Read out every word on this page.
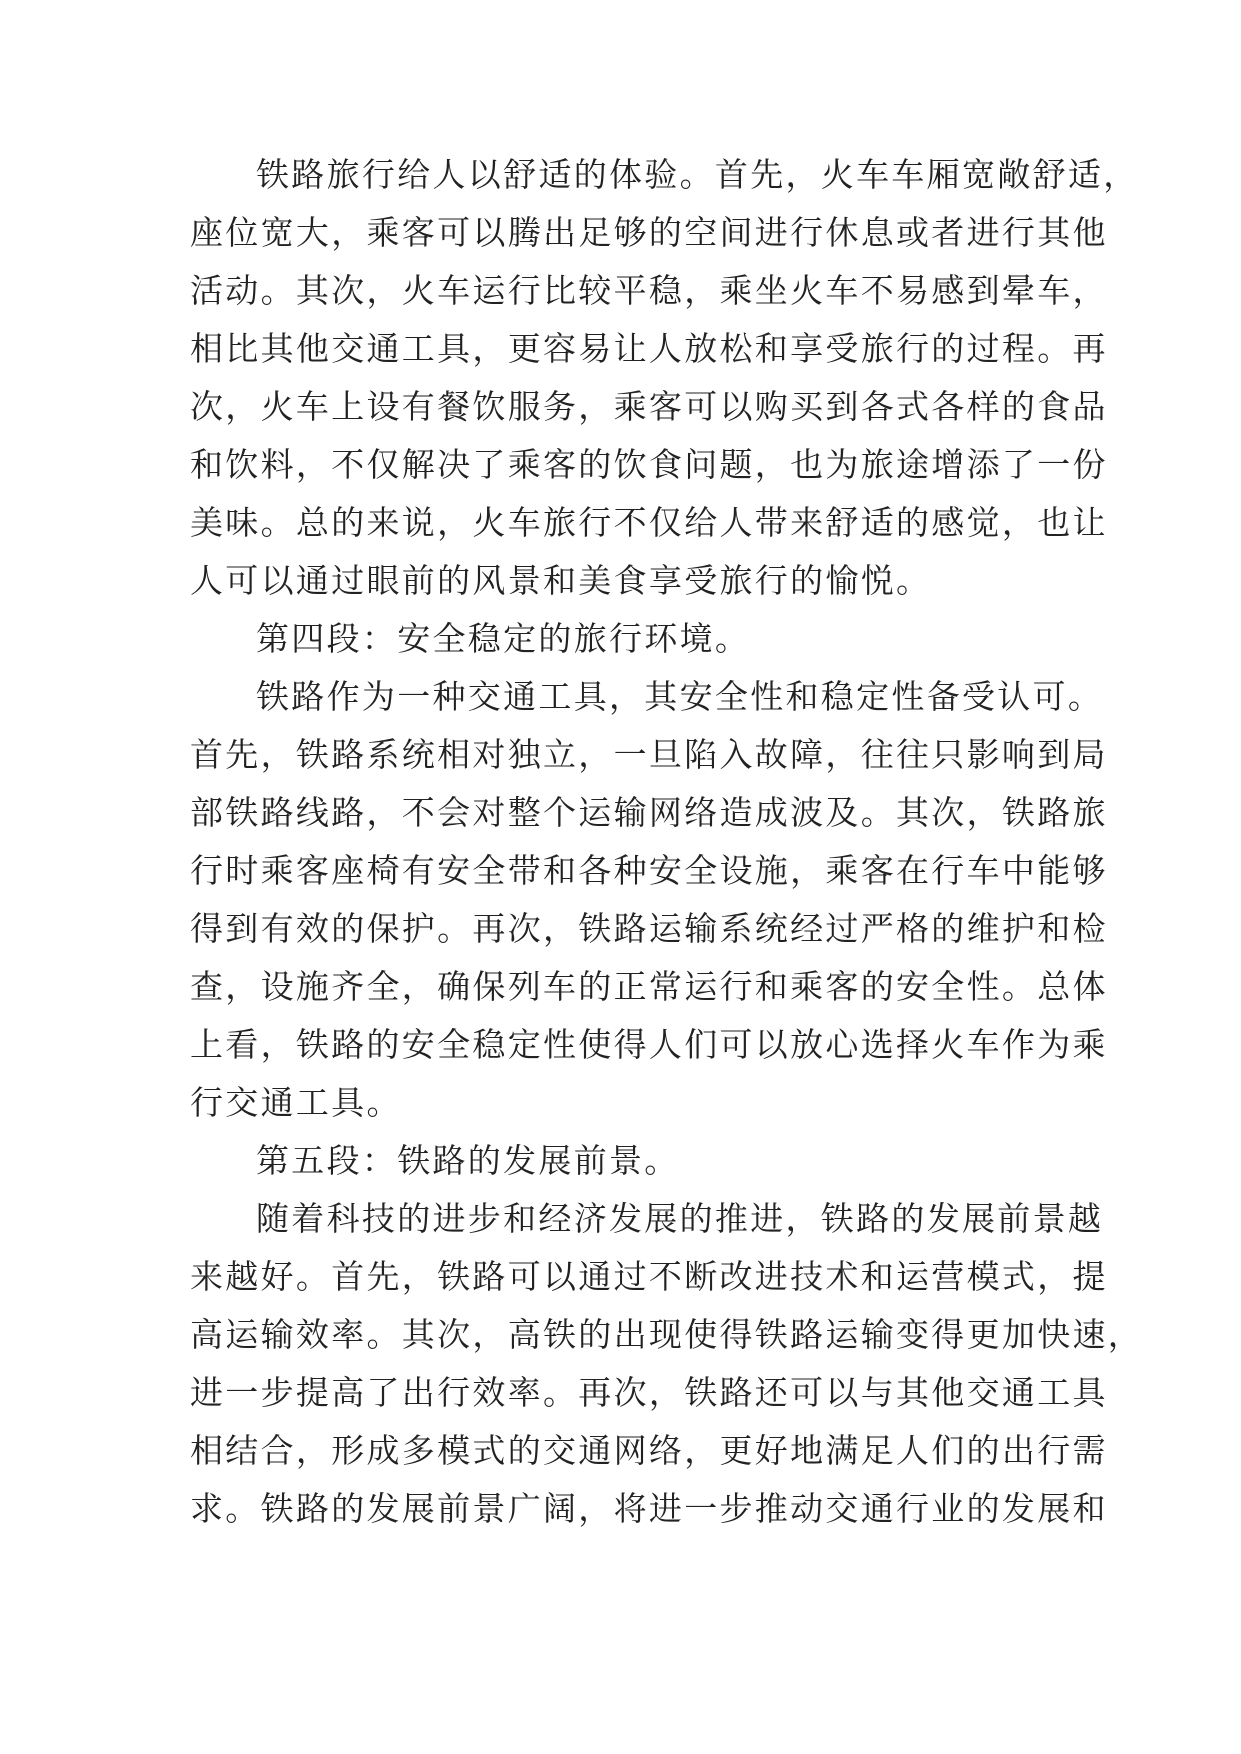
铁路旅行给人以舒适的体验。首先，火车车厢宽敞舒适，
座位宽大，乘客可以腾出足够的空间进行休息或者进行其他
活动。其次，火车运行比较平稳，乘坐火车不易感到晕车，
相比其他交通工具，更容易让人放松和享受旅行的过程。再
次，火车上设有餐饮服务，乘客可以购买到各式各样的食品
和饮料，不仅解决了乘客的饮食问题，也为旅途增添了一份
美味。总的来说，火车旅行不仅给人带来舒适的感觉，也让
人可以通过眼前的风景和美食享受旅行的愉悦。
第四段：安全稳定的旅行环境。
铁路作为一种交通工具，其安全性和稳定性备受认可。
首先，铁路系统相对独立，一旦陷入故障，往往只影响到局
部铁路线路，不会对整个运输网络造成波及。其次，铁路旅
行时乘客座椅有安全带和各种安全设施，乘客在行车中能够
得到有效的保护。再次，铁路运输系统经过严格的维护和检
查，设施齐全，确保列车的正常运行和乘客的安全性。总体
上看，铁路的安全稳定性使得人们可以放心选择火车作为乘
行交通工具。
第五段：铁路的发展前景。
随着科技的进步和经济发展的推进，铁路的发展前景越
来越好。首先，铁路可以通过不断改进技术和运营模式，提
高运输效率。其次，高铁的出现使得铁路运输变得更加快速，
进一步提高了出行效率。再次，铁路还可以与其他交通工具
相结合，形成多模式的交通网络，更好地满足人们的出行需
求。铁路的发展前景广阔，将进一步推动交通行业的发展和
